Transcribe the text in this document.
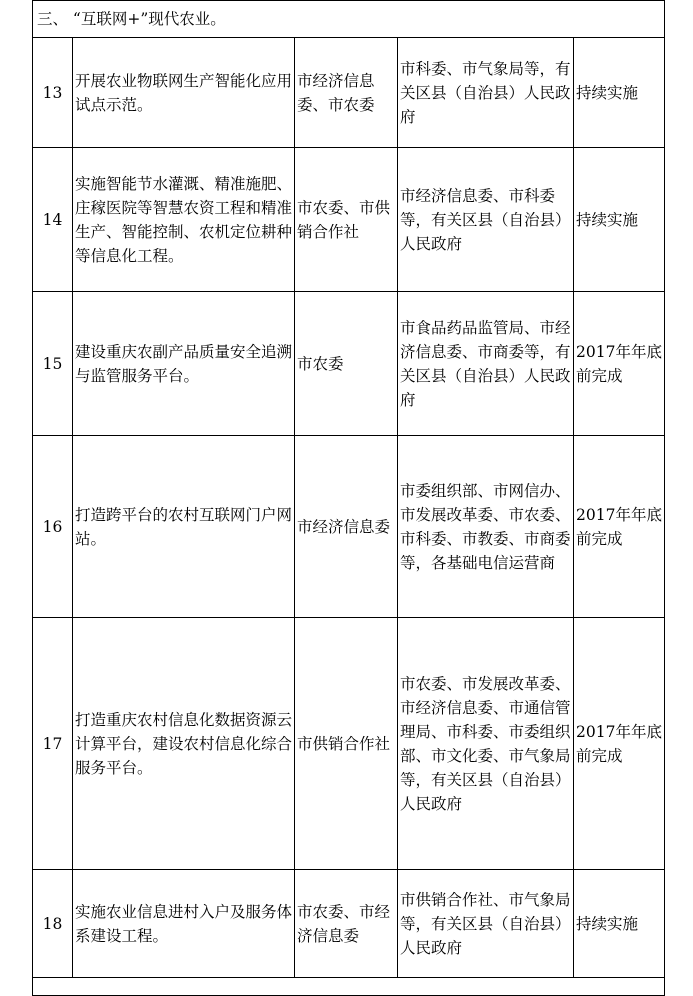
三、 “互联网+”现代农业。				
13	开展农业物联网生产智能化应用试点示范。	市经济信息委、市农委	市科委、市气象局等，有关区县（自治县）人民政府	持续实施
14	实施智能节水灌溉、精准施肥、庄稼医院等智慧农资工程和精准生产、智能控制、农机定位耕种等信息化工程。	市农委、市供销合作社	市经济信息委、市科委等，有关区县（自治县）人民政府	持续实施
15	建设重庆农副产品质量安全追溯与监管服务平台。	市农委	市食品药品监管局、市经济信息委、市商委等，有关区县（自治县）人民政府	2017年年底前完成
16	打造跨平台的农村互联网门户网站。	市经济信息委	市委组织部、市网信办、市发展改革委、市农委、市科委、市教委、市商委等，各基础电信运营商	2017年年底前完成
17	打造重庆农村信息化数据资源云计算平台，建设农村信息化综合服务平台。	市供销合作社	市农委、市发展改革委、市经济信息委、市通信管理局、市科委、市委组织部、市文化委、市气象局等，有关区县（自治县）人民政府	2017年年底前完成
18	实施农业信息进村入户及服务体系建设工程。	市农委、市经济信息委	市供销合作社、市气象局等，有关区县（自治县）人民政府	持续实施
